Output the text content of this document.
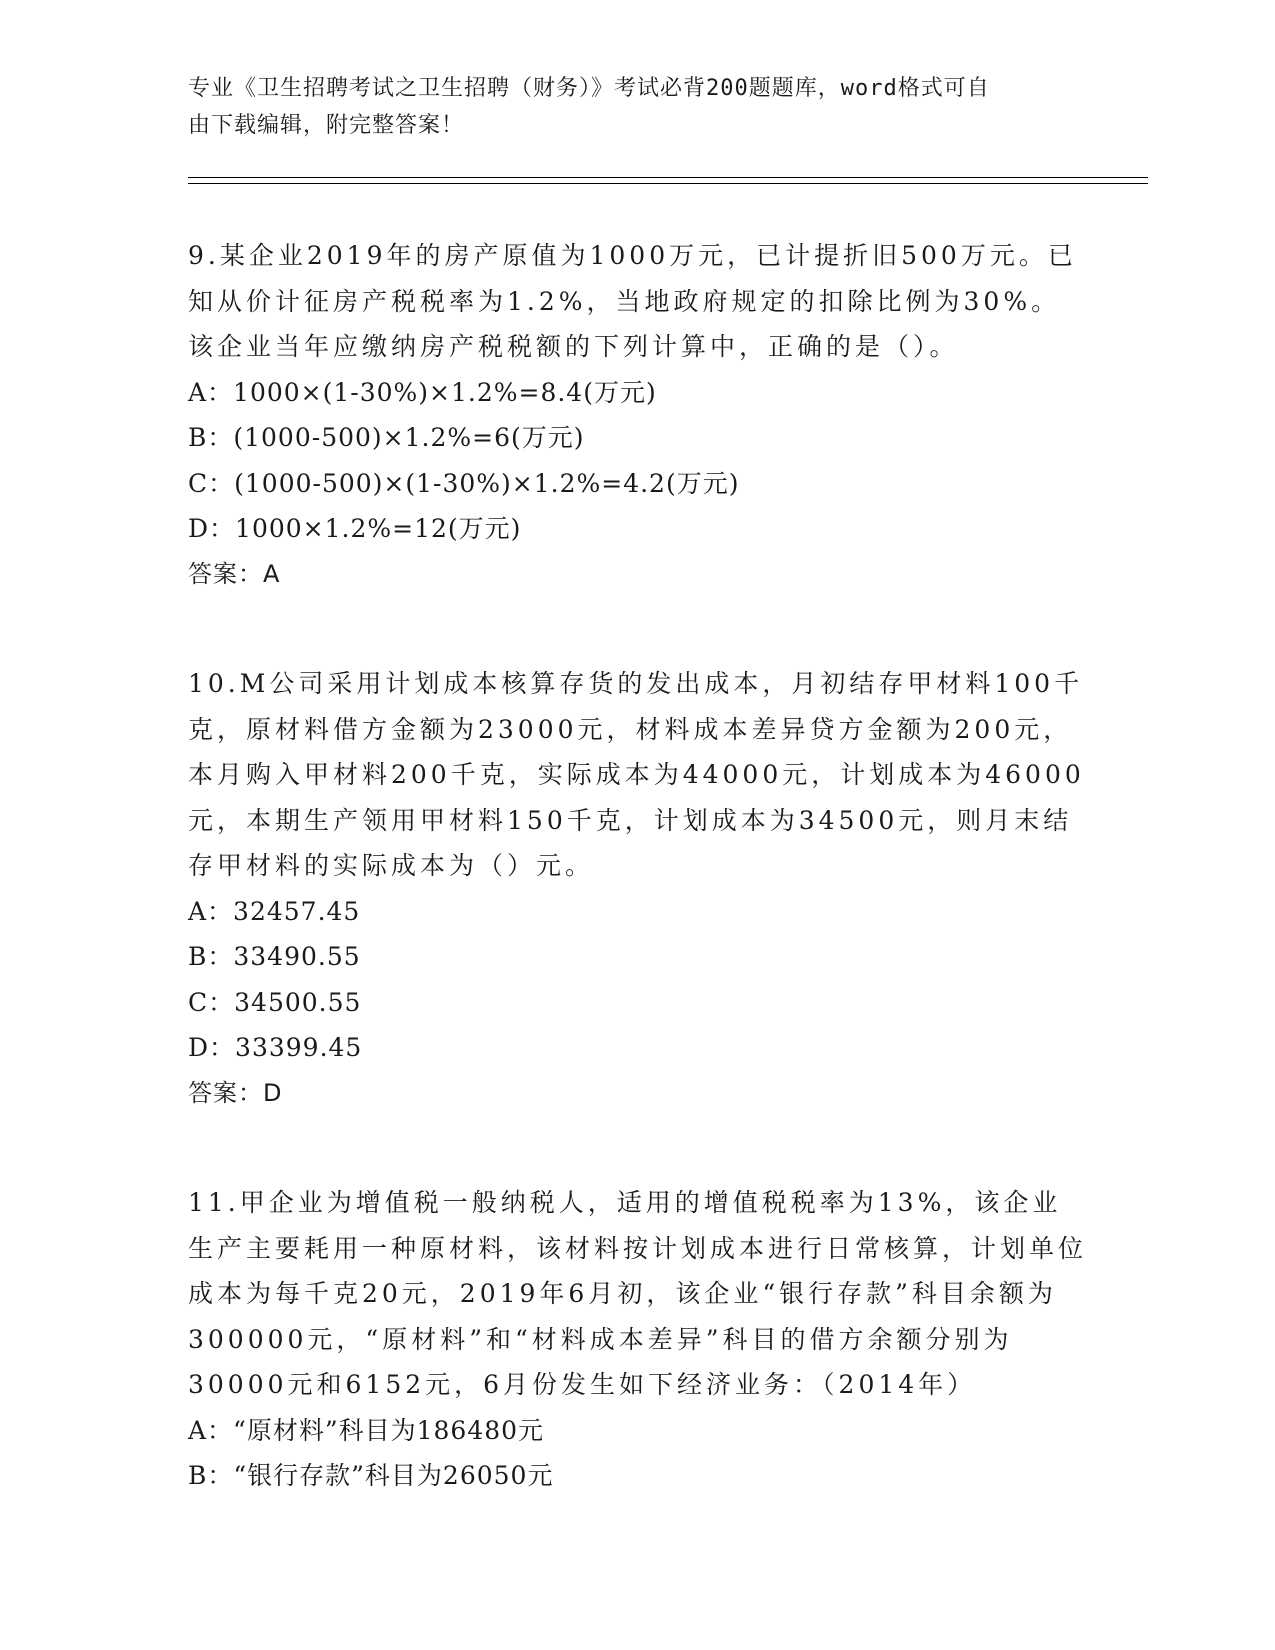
专业《卫生招聘考试之卫生招聘（财务）》考试必背200题题库，word格式可自
由下载编辑，附完整答案！

9.某企业2019年的房产原值为1000万元，已计提折旧500万元。已知从价计征房产税税率为1.2%，当地政府规定的扣除比例为30%。该企业当年应缴纳房产税税额的下列计算中，正确的是（）。

A：1000×(1-30%)×1.2%=8.4(万元)
B：(1000-500)×1.2%=6(万元)
C：(1000-500)×(1-30%)×1.2%=4.2(万元)
D：1000×1.2%=12(万元)
答案：A

10.M公司采用计划成本核算存货的发出成本，月初结存甲材料100千克，原材料借方金额为23000元，材料成本差异贷方金额为200元，本月购入甲材料200千克，实际成本为44000元，计划成本为46000元，本期生产领用甲材料150千克，计划成本为34500元，则月末结存甲材料的实际成本为（）元。

A：32457.45
B：33490.55
C：34500.55
D：33399.45
答案：D

11.甲企业为增值税一般纳税人，适用的增值税税率为13%，该企业生产主要耗用一种原材料，该材料按计划成本进行日常核算，计划单位成本为每千克20元，2019年6月初，该企业“银行存款”科目余额为300000元，“原材料”和“材料成本差异”科目的借方余额分别为30000元和6152元，6月份发生如下经济业务：（2014年）

A：“原材料”科目为186480元
B：“银行存款”科目为26050元
